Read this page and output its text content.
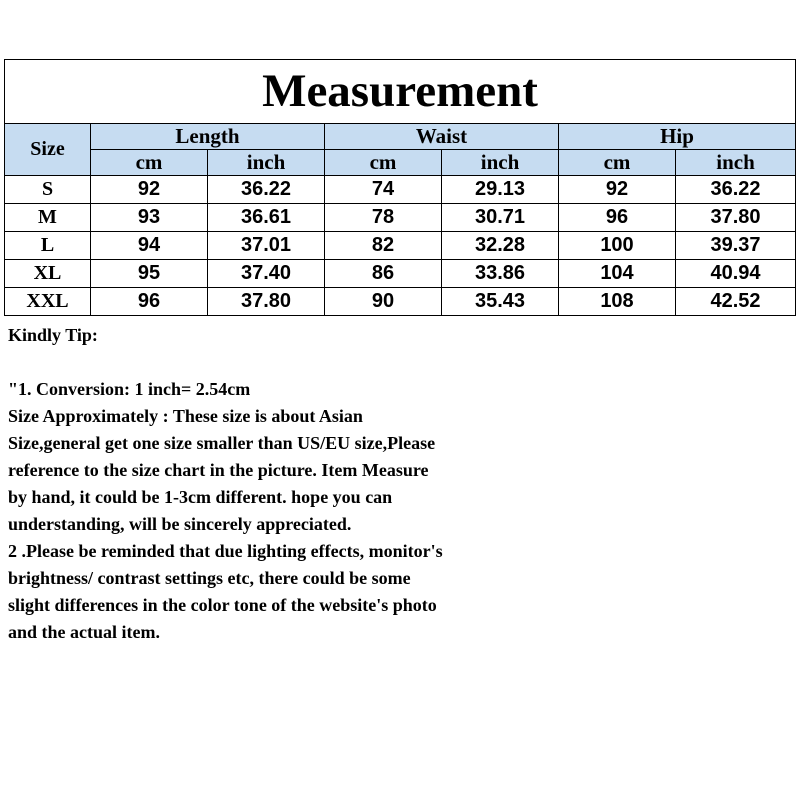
Measurement						
Size	Length		Waist		Hip	
	cm	inch	cm	inch	cm	inch
S	92	36.22	74	29.13	92	36.22
M	93	36.61	78	30.71	96	37.80
L	94	37.01	82	32.28	100	39.37
XL	95	37.40	86	33.86	104	40.94
XXL	96	37.80	90	35.43	108	42.52

Kindly Tip:

"1. Conversion: 1 inch= 2.54cm

Size Approximately : These size is about Asian

Size,general get one size smaller than US/EU size,Please

reference to the size chart in the picture. Item Measure

by hand, it could be 1-3cm different. hope you can

understanding, will be sincerely appreciated.

2 .Please be reminded that due lighting effects, monitor's

brightness/ contrast settings etc, there could be some

slight differences in the color tone of the website's photo

and the actual item.
